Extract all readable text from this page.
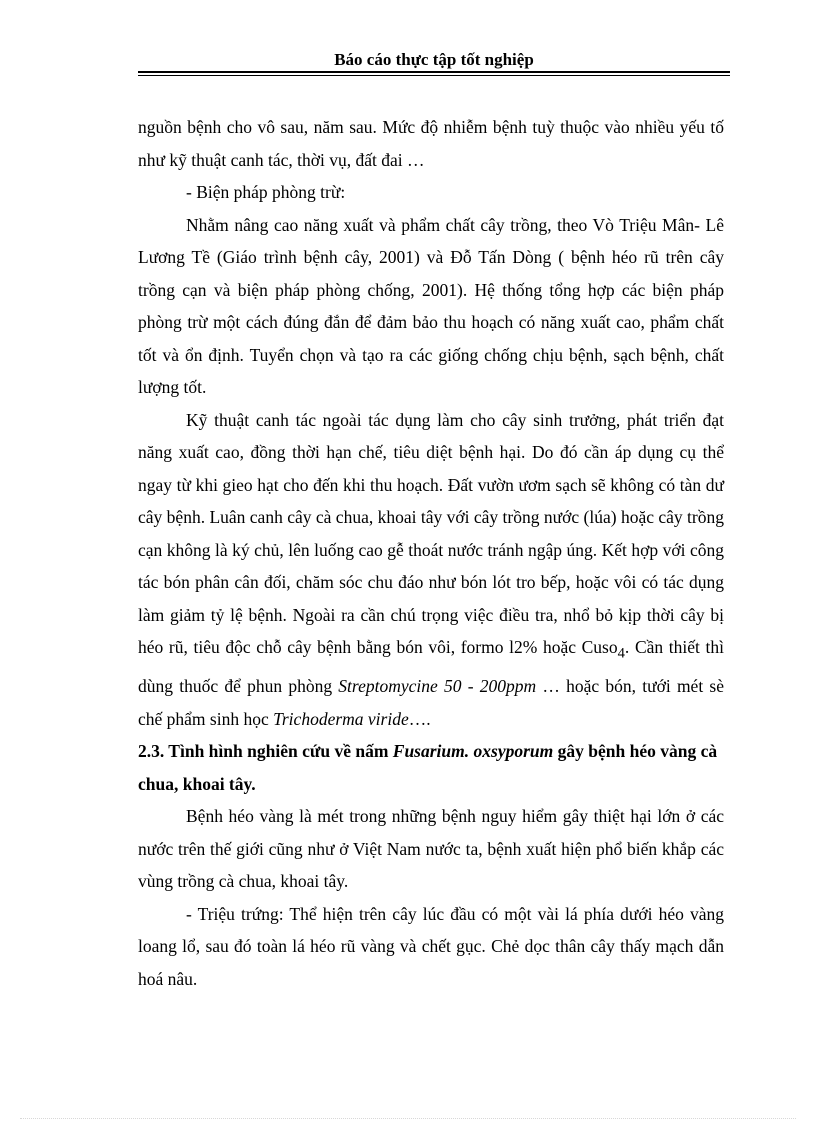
Báo cáo thực tập tốt nghiệp

nguồn bệnh cho vô sau, năm sau. Mức độ nhiễm bệnh tuỳ thuộc vào nhiều yếu tố như kỹ thuật canh tác, thời vụ, đất đai …

- Biện pháp phòng trừ:

Nhằm nâng cao năng xuất và phẩm chất cây trồng, theo Vò Triệu Mân- Lê Lương Tề (Giáo trình bệnh cây, 2001) và Đỗ Tấn Dòng ( bệnh héo rũ trên cây trồng cạn và biện pháp phòng chống, 2001). Hệ thống tổng hợp các biện pháp phòng trừ một cách đúng đắn để đảm bảo thu hoạch có năng xuất cao, phẩm chất tốt và ổn định. Tuyển chọn và tạo ra các giống chống chịu bệnh, sạch bệnh, chất lượng tốt.

Kỹ thuật canh tác ngoài tác dụng làm cho cây sinh trưởng, phát triển đạt năng xuất cao, đồng thời hạn chế, tiêu diệt bệnh hại. Do đó cần áp dụng cụ thể ngay từ khi gieo hạt cho đến khi thu hoạch. Đất vườn ươm sạch sẽ không có tàn dư cây bệnh. Luân canh cây cà chua, khoai tây với cây trồng nước (lúa) hoặc cây trồng cạn không là ký chủ, lên luống cao gễ thoát nước tránh ngập úng. Kết hợp với công tác bón phân cân đối, chăm sóc chu đáo như bón lót tro bếp, hoặc vôi có tác dụng làm giảm tỷ lệ bệnh. Ngoài ra cần chú trọng việc điều tra, nhổ bỏ kịp thời cây bị héo rũ, tiêu độc chỗ cây bệnh bằng bón vôi, formo l2% hoặc Cuso$_4$. Cần thiết thì dùng thuốc để phun phòng Streptomycine 50 - 200ppm … hoặc bón, tưới mét sè chế phẩm sinh học Trichoderma viride….

2.3. Tình hình nghiên cứu về nấm Fusarium. oxsyporum gây bệnh héo vàng cà chua, khoai tây.

Bệnh héo vàng là mét trong những bệnh nguy hiểm gây thiệt hại lớn ở các nước trên thế giới cũng như ở Việt Nam nước ta, bệnh xuất hiện phổ biến khắp các vùng trồng cà chua, khoai tây.

- Triệu trứng: Thể hiện trên cây lúc đầu có một vài lá phía dưới héo vàng loang lổ, sau đó toàn lá héo rũ vàng và chết gục. Chẻ dọc thân cây thấy mạch dẫn hoá nâu.
